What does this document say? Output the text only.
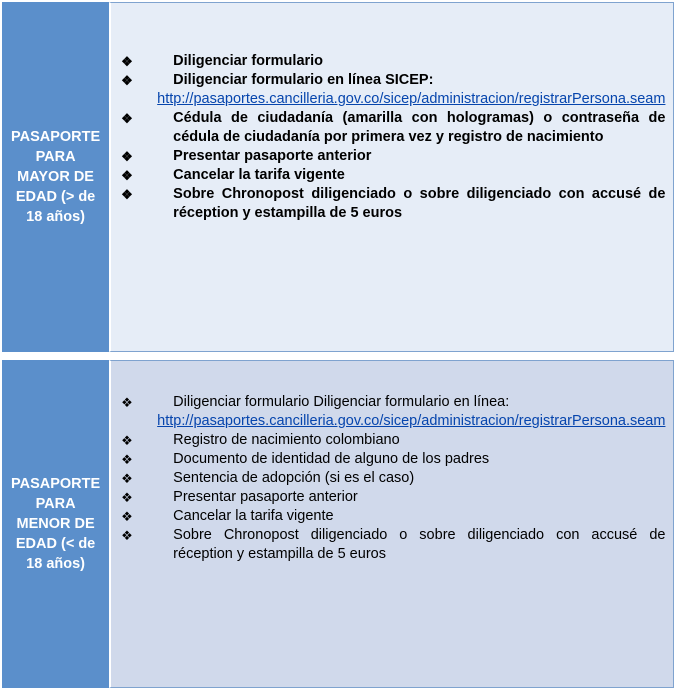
PASAPORTE PARA MAYOR DE EDAD (> de 18 años)
❖	Diligenciar formulario
❖	Diligenciar formulario en línea SICEP:
http://pasaportes.cancilleria.gov.co/sicep/administracion/registrarPersona.seam
❖	Cédula de ciudadanía (amarilla con hologramas) o contraseña de cédula de ciudadanía por primera vez y registro de nacimiento
❖	Presentar pasaporte anterior
❖	Cancelar la tarifa vigente
❖	Sobre Chronopost diligenciado o sobre diligenciado con accusé de réception y estampilla de 5 euros
PASAPORTE PARA MENOR DE EDAD (< de 18 años)
❖	Diligenciar formulario Diligenciar formulario en línea:
http://pasaportes.cancilleria.gov.co/sicep/administracion/registrarPersona.seam
❖	Registro de nacimiento colombiano
❖	Documento de identidad de alguno de los padres
❖	Sentencia de adopción (si es el caso)
❖	Presentar pasaporte anterior
❖	Cancelar la tarifa vigente
❖	Sobre Chronopost diligenciado o sobre diligenciado con accusé de réception y estampilla de 5 euros
